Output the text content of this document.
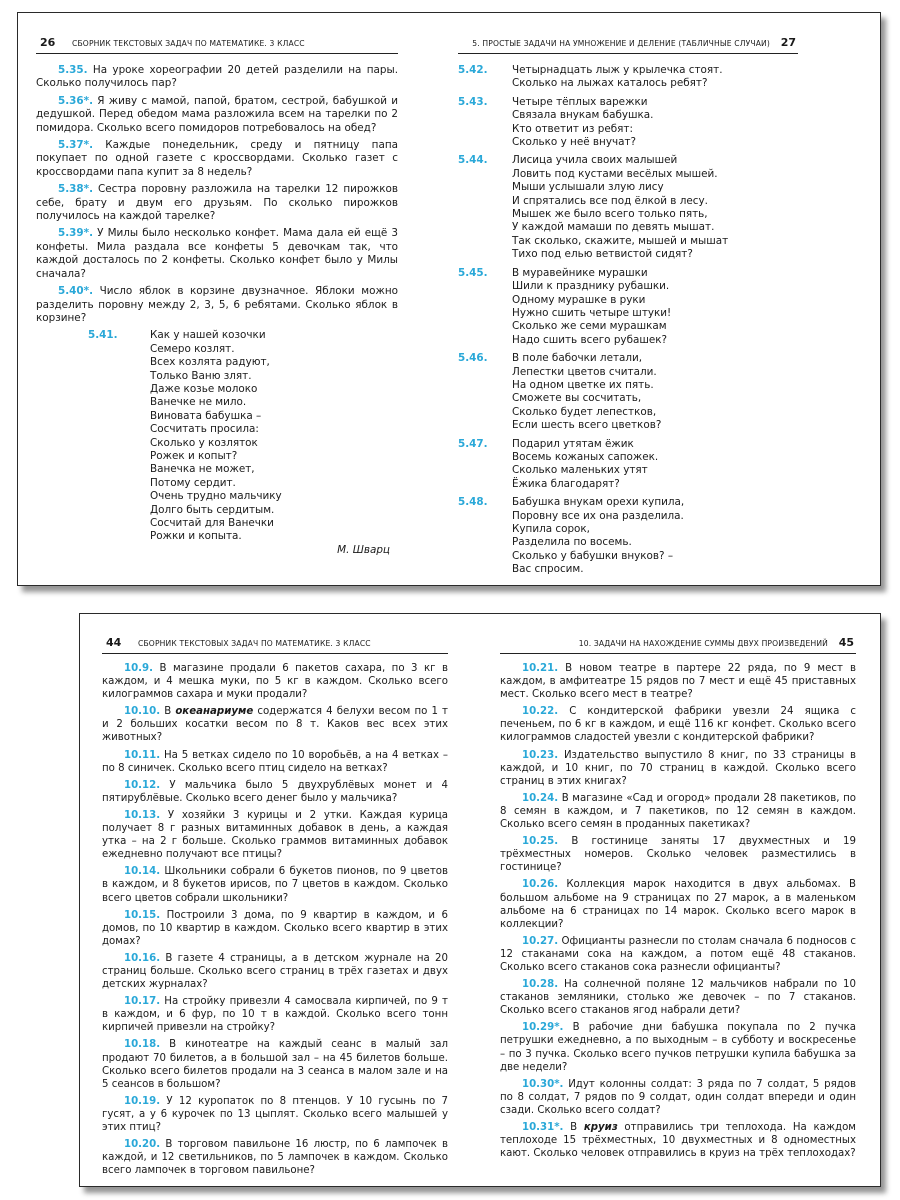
26 СБОРНИК ТЕКСТОВЫХ ЗАДАЧ ПО МАТЕМАТИКЕ. 3 КЛАСС

5.35. На уроке хореографии 20 детей разделили на пары. Сколько получилось пар?

5.36*. Я живу с мамой, папой, братом, сестрой, бабушкой и дедушкой. Перед обедом мама разложила всем на тарелки по 2 помидора. Сколько всего помидоров потребовалось на обед?

5.37*. Каждые понедельник, среду и пятницу папа покупает по одной газете с кроссвордами. Сколько газет с кроссвордами папа купит за 8 недель?

5.38*. Сестра поровну разложила на тарелки 12 пирожков себе, брату и двум его друзьям. По сколько пирожков получилось на каждой тарелке?

5.39*. У Милы было несколько конфет. Мама дала ей ещё 3 конфеты. Мила раздала все конфеты 5 девочкам так, что каждой досталось по 2 конфеты. Сколько конфет было у Милы сначала?

5.40*. Число яблок в корзине двузначное. Яблоки можно разделить поровну между 2, 3, 5, 6 ребятами. Сколько яблок в корзине?

5.41.	Как у нашей козочки
Семеро козлят.
Всех козлята радуют,
Только Ваню злят.
Даже козье молоко
Ванечке не мило.
Виновата бабушка –
Сосчитать просила:
Сколько у козляток
Рожек и копыт?
Ванечка не может,
Потому сердит.
Очень трудно мальчику
Долго быть сердитым.
Сосчитай для Ванечки
Рожки и копыта.
М. Шварц
5. ПРОСТЫЕ ЗАДАЧИ НА УМНОЖЕНИЕ И ДЕЛЕНИЕ (ТАБЛИЧНЫЕ СЛУЧАИ) 27
5.42. Четырнадцать лыж у крылечка стоят.
Сколько на лыжах каталось ребят?
5.43. Четыре тёплых варежки
Связала внукам бабушка.
Кто ответит из ребят:
Сколько у неё внучат?
5.44. Лисица учила своих малышей
Ловить под кустами весёлых мышей.
Мыши услышали злую лису
И спрятались все под ёлкой в лесу.
Мышек же было всего только пять,
У каждой мамаши по девять мышат.
Так сколько, скажите, мышей и мышат
Тихо под елью ветвистой сидят?
5.45. В муравейнике мурашки
Шили к празднику рубашки.
Одному мурашке в руки
Нужно сшить четыре штуки!
Сколько же семи мурашкам
Надо сшить всего рубашек?
5.46. В поле бабочки летали,
Лепестки цветов считали.
На одном цветке их пять.
Сможете вы сосчитать,
Сколько будет лепестков,
Если шесть всего цветков?
5.47. Подарил утятам ёжик
Восемь кожаных сапожек.
Сколько маленьких утят
Ёжика благодарят?
5.48. Бабушка внукам орехи купила,
Поровну все их она разделила.
Купила сорок,
Разделила по восемь.
Сколько у бабушки внуков? –
Вас спросим.
44 СБОРНИК ТЕКСТОВЫХ ЗАДАЧ ПО МАТЕМАТИКЕ. 3 КЛАСС

10.9. В магазине продали 6 пакетов сахара, по 3 кг в каждом, и 4 мешка муки, по 5 кг в каждом. Сколько всего килограммов сахара и муки продали?

10.10. В океанариуме содержатся 4 белухи весом по 1 т и 2 больших косатки весом по 8 т. Каков вес всех этих животных?

10.11. На 5 ветках сидело по 10 воробьёв, а на 4 ветках – по 8 синичек. Сколько всего птиц сидело на ветках?

10.12. У мальчика было 5 двухрублёвых монет и 4 пятирублёвые. Сколько всего денег было у мальчика?

10.13. У хозяйки 3 курицы и 2 утки. Каждая курица получает 8 г разных витаминных добавок в день, а каждая утка – на 2 г больше. Сколько граммов витаминных добавок ежедневно получают все птицы?

10.14. Школьники собрали 6 букетов пионов, по 9 цветов в каждом, и 8 букетов ирисов, по 7 цветов в каждом. Сколько всего цветов собрали школьники?

10.15. Построили 3 дома, по 9 квартир в каждом, и 6 домов, по 10 квартир в каждом. Сколько всего квартир в этих домах?

10.16. В газете 4 страницы, а в детском журнале на 20 страниц больше. Сколько всего страниц в трёх газетах и двух детских журналах?

10.17. На стройку привезли 4 самосвала кирпичей, по 9 т в каждом, и 6 фур, по 10 т в каждой. Сколько всего тонн кирпичей привезли на стройку?

10.18. В кинотеатре на каждый сеанс в малый зал продают 70 билетов, а в большой зал – на 45 билетов больше. Сколько всего билетов продали на 3 сеанса в малом зале и на 5 сеансов в большом?

10.19. У 12 куропаток по 8 птенцов. У 10 гусынь по 7 гусят, а у 6 курочек по 13 цыплят. Сколько всего малышей у этих птиц?

10.20. В торговом павильоне 16 люстр, по 6 лампочек в каждой, и 12 светильников, по 5 лампочек в каждом. Сколько всего лампочек в торговом павильоне?

10. ЗАДАЧИ НА НАХОЖДЕНИЕ СУММЫ ДВУХ ПРОИЗВЕДЕНИЙ 45

10.21. В новом театре в партере 22 ряда, по 9 мест в каждом, в амфитеатре 15 рядов по 7 мест и ещё 45 приставных мест. Сколько всего мест в театре?

10.22. С кондитерской фабрики увезли 24 ящика с печеньем, по 6 кг в каждом, и ещё 116 кг конфет. Сколько всего килограммов сладостей увезли с кондитерской фабрики?

10.23. Издательство выпустило 8 книг, по 33 страницы в каждой, и 10 книг, по 70 страниц в каждой. Сколько всего страниц в этих книгах?

10.24. В магазине «Сад и огород» продали 28 пакетиков, по 8 семян в каждом, и 7 пакетиков, по 12 семян в каждом. Сколько всего семян в проданных пакетиках?

10.25. В гостинице заняты 17 двухместных и 19 трёхместных номеров. Сколько человек разместились в гостинице?

10.26. Коллекция марок находится в двух альбомах. В большом альбоме на 9 страницах по 27 марок, а в маленьком альбоме на 6 страницах по 14 марок. Сколько всего марок в коллекции?

10.27. Официанты разнесли по столам сначала 6 подносов с 12 стаканами сока на каждом, а потом ещё 48 стаканов. Сколько всего стаканов сока разнесли официанты?

10.28. На солнечной поляне 12 мальчиков набрали по 10 стаканов земляники, столько же девочек – по 7 стаканов. Сколько всего стаканов ягод набрали дети?

10.29*. В рабочие дни бабушка покупала по 2 пучка петрушки ежедневно, а по выходным – в субботу и воскресенье – по 3 пучка. Сколько всего пучков петрушки купила бабушка за две недели?

10.30*. Идут колонны солдат: 3 ряда по 7 солдат, 5 рядов по 8 солдат, 7 рядов по 9 солдат, один солдат впереди и один сзади. Сколько всего солдат?

10.31*. В круиз отправились три теплохода. На каждом теплоходе 15 трёхместных, 10 двухместных и 8 одноместных кают. Сколько человек отправились в круиз на трёх теплоходах?
